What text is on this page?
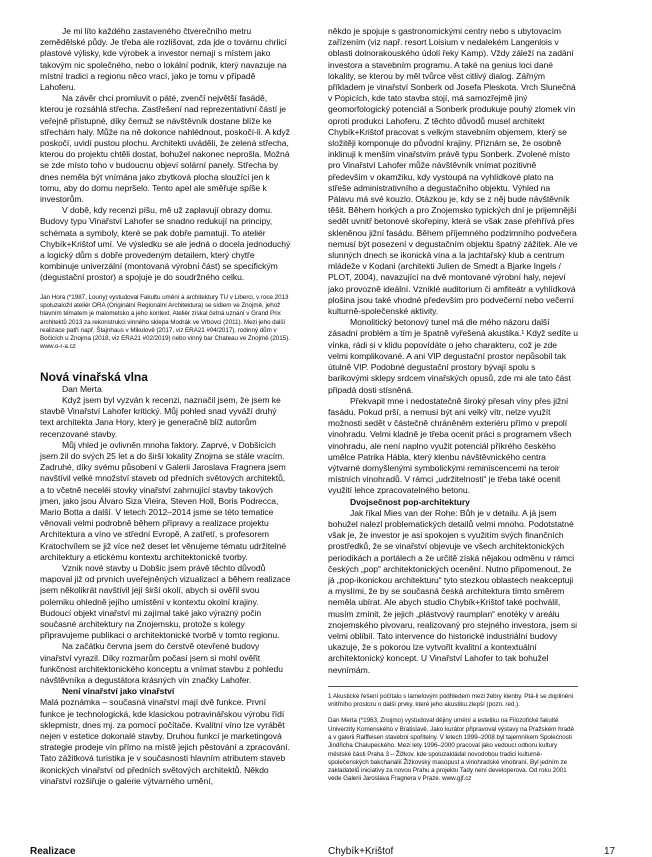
Je mi líto každého zastaveného čtverečního metru zemědělské půdy. Je třeba ale rozlišovat, zda jde o továrnu chrlicí plastové výlisky, kde výrobek a investor nemají s místem jako takovým nic společného, nebo o lokální podnik, který navazuje na místní tradici a regionu něco vrací, jako je tomu v případě Lahoferu.

Na závěr chci promluvit o páté, zvenčí největší fasádě, kterou je rozsáhlá střecha. Zastřešení nad reprezentativní částí je veřejně přístupné, díky čemuž se návštěvník dostane blíže ke střechám haly. Může na ně dokonce nahlédnout, poskočí-li. A když poskočí, uvidí pustou plochu. Architekti uváděli, že zelená střecha, kterou do projektu chtěli dostat, bohužel nakonec neprošla. Možná se zde místo toho v budoucnu objeví solární panely. Střecha by dnes neměla být vnímána jako zbytková plocha sloužící jen k tomu, aby do domu nepršelo. Tento apel ale směřuje spíše k investorům.

V době, kdy recenzi píšu, mě už zaplavují obrazy domu. Budovy typu Vinařství Lahofer se snadno redukují na principy, schémata a symboly, které se pak dobře pamatují. To ateliér Chybík+Krištof umí. Ve výsledku se ale jedná o docela jednoduchý a logický dům s dobře provedeným detailem, který chytře kombinuje univerzální (montovaná výrobní část) se specifickým (degustační prostor) a spojuje je do soudržného celku.

Jan Hora (*1987, Louny) vystudoval Fakultu umění a architektury TU v Liberci, v roce 2013 spoluzaložil ateliér ORA (Originální Regionální Architektura) se sídlem ve Znojmě, jehož hlavním tématem je malometsko a jeho kontext. Ateliér získal četná uznání v Grand Prix architektů 2013 za rekonstrukci vinného sklepa Modrák ve Vrbovci (2011). Mezi jeho další realizace patří např. Štajnhaus v Mikulově (2017, viz ERA21 #04/2017), rodinný dům v Bočicích u Znojma (2018, viz ERA21 #02/2019) nebo vinný bar Chateau ve Znojmě (2015). www.o-r-a.cz

Nová vinařská vlna

Dan Merta

Když jsem byl vyzván k recenzi, naznačil jsem, že jsem ke stavbě Vinařství Lahofer kritický. Můj pohled snad vyváží druhý text architekta Jana Hory, který je generačně blíž autorům recenzované stavby.

Můj vhled je ovlivněn mnoha faktory. Zaprvé, v Dobšicích jsem žil do svých 25 let a do širší lokality Znojma se stále vracím. Zadruhé, díky svému působení v Galerii Jaroslava Fragnera jsem navštívil velké množství staveb od předních světových architektů, a to včetně neceléi stovky vinařství zahrnující stavby takových jmen, jako jsou Álvaro Siza Vieira, Steven Holl, Boris Podrecca, Mario Botta a další. V letech 2012–2014 jsme se této tematice věnovali velmi podrobně během přípravy a realizace projektu Architektura a víno ve střední Evropě. A zatřetí, s profesorem Kratochvílem se již více než deset let věnujeme tématu udržitelné architektury a etickému kontextu architektonické tvorby.

Vznik nové stavby u Dobšic jsem právě těchto důvodů mapoval již od prvních uveřejněných vizualizací a během realizace jsem několikrát navštívil její širší okolí, abych si ověřil svou polemiku ohledně jejího umístění v kontextu okolní krajiny. Budoucí objekt vinařství mi zajímal také jako výrazný počin současné architektury na Znojemsku, protože s kolegy připravujeme publikaci o architektonické tvorbě v tomto regionu.

Na začátku června jsem do čerstvě otevřené budovy vinařství vyrazil. Díky rozmarům počasí jsem si mohl ověřit funkčnost architektonického konceptu a vnímat stavbu z pohledu návštěvníka a degustátora krásných vín značky Lahofer.

Není vinařství jako vinařství

Malá poznámka – současná vinařství mají dvě funkce. První funkce je technologická, kde klasickou potravinářskou výrobu řídí sklepmistr, dnes mj. za pomocí počítače. Kvalitní víno lze vyrábět nejen v estetice dokonalé stavby. Druhou funkcí je marketingová strategie prodeje vín přímo na místě jejich pěstování a zpracování. Tato zážitková turistika je v současnosti hlavním atributem staveb ikonických vinařství od předních světových architektů. Někdo vinařství rozšiřuje o galerie výtvarného umění,

někdo je spojuje s gastronomickými centry nebo s ubytovacím zařízením (viz např. resort Loisium v nedalekém Langenlois v oblasti dolnorakouského údolí řeky Kamp). Vždy záleží na zadání investora a stavebním programu. A také na genius loci dané lokality, se kterou by měl tvůrce věst citlivý dialog. Zářným příkladem je vinařství Sonberk od Josefa Pleskota. Vrch Slunečná v Popicích, kde tato stavba stojí, má samozřejmě jiný geomorfologický potenciál a Sonberk produkuje pouhý zlomek vín oproti produkci Lahoferu. Z těchto důvodů musel architekt Chybík+Krištof pracovat s velkým stavebním objemem, který se složitěji komponuje do původní krajiny. Přiznám se, že osobně inklinuji k menším vinařstvím právě typu Sonberk. Zvolené místo pro Vinařství Lahofer může návštěvník vnímat pozitivně především v okamžiku, kdy vystoupá na vyhlídkové plato na střeše administrativního a degustačního objektu. Výhled na Pálavu má své kouzlo. Otázkou je, kdy se z něj bude návštěvník těšit. Během horkých a pro Znojemsko typických dní je prijemnější sedět uvnitř betonové skořepiny, která se však zase přehřívá přes skleněnou jižní fasádu. Během příjemného podzimního podvečera nemusí být posezení v degustačním objektu špatný zážitek. Ale ve slunných dnech se ikonická vína a la jachtařský klub a centrum mládeže v Kodani (architekti Julien de Smedt a Bjarke Ingels / PLOT, 2004), navazující na dvě montované výrobní haly, nejeví jako provozně ideální. Vzniklé auditorium či amfiteátr a vyhlídková plošina jsou také vhodné především pro podvečerní nebo večerní kulturně-společenské aktivity.

Monolitický betonový tunel má dle mého názoru další zásadní problém a tím je špatně vyřešená akustika.¹ Když sedíte u vínka, rádi si v klidu popovídáte o jeho charakteru, což je zde velmi komplikované. A ani VIP degustační prostor nepůsobil tak útulně VIP. Podobné degustační prostory bývají spolu s barikovými sklepy srdcem vinařských opusů, zde mi ale tato část připadá dosti stísněná.

Překvapil mne i nedostatečně široký přesah víny přes jižní fasádu. Pokud prší, a nemusí být ani velký vítr, nelze využít možnosti sedět v částečně chráněném exteriéru přímo v prepolí vinohradu. Velmi kladně je třeba ocenit práci s programem všech vinohradu, ale není naplno využit potenciál příkrého českého umělce Patrika Hábla, který klenbu návštěvnického centra výtvarné domyšlenými symbolickými reminiscencemi na teroir místních vinohradů. V rámci „udržitelnosti“ je třeba také ocenit využití lehce zpracovatelného betonu.

Dvojsečnost pop-architektury

Jak říkal Mies van der Rohe: Bůh je v detailu. A já jsem bohužel nalezl problematických detailů velmi mnoho. Podotstatné však je, že investor je asi spokojen s využitím svých finančních prostředků, že se vinařství objevuje ve všech architektonických periodikách a portálech a že určitě získá nějakou odměnu v rámci českých „pop“ architektonických ocenění. Nutno připomenout, že já „pop-ikonickou architekturu“ tyto stezkou oblastech neakceptuji a myslími, že by se současná česká architektura tímto směrem neměla ubírat. Ale abych studio Chybík+Krištof také pochválil, musím zmínit, že jejich „plástvový raumplan“ enotéky v areálu znojemského pivovaru, realizovaný pro stejného investora, jsem si velmi oblíbil. Tato intervence do historické industriální budovy ukazuje, že s pokorou lze vytvořit kvalitní a kontextuální architektonický koncept. U Vinařství Lahofer to tak bohužel nevnímám.

1 Akustické řešení počítalo s lamelovým podhledem mezi žebry klenby. Ptá-li se dopliněni vnitřního prostoru o další prvky, které jeho akustiku zlepší (pozn. red.).

Dan Merta (*1963, Znojmo) vystudoval dějiny umění a estetiku na Filozofické fakultě Univerzity Komenského v Bratislavě. Jako kurátor připravoval výstavy na Pražském hradě a v galerii Raiffeisen stavební spořitelny. V letech 1999–2008 byl tajemníkem Společnosti Jindřicha Chalupeckého. Mezi lety 1996–2000 pracoval jako vedoucí odboru kultury městské části Praha 3 – Žižkov, kde spoluzakládal novodobou tradici kulturně-společenských bakchanálií Žižkovský masopust a vinohradské vinobraní. Byl jedním ze zakladatelů iniciativy za novou Prahu a projektu Tady není developerova. Od roku 2001 vede Galerii Jaroslava Fragnera v Praze. www.gjf.cz

Realizace	Chybík+Krištof	17
